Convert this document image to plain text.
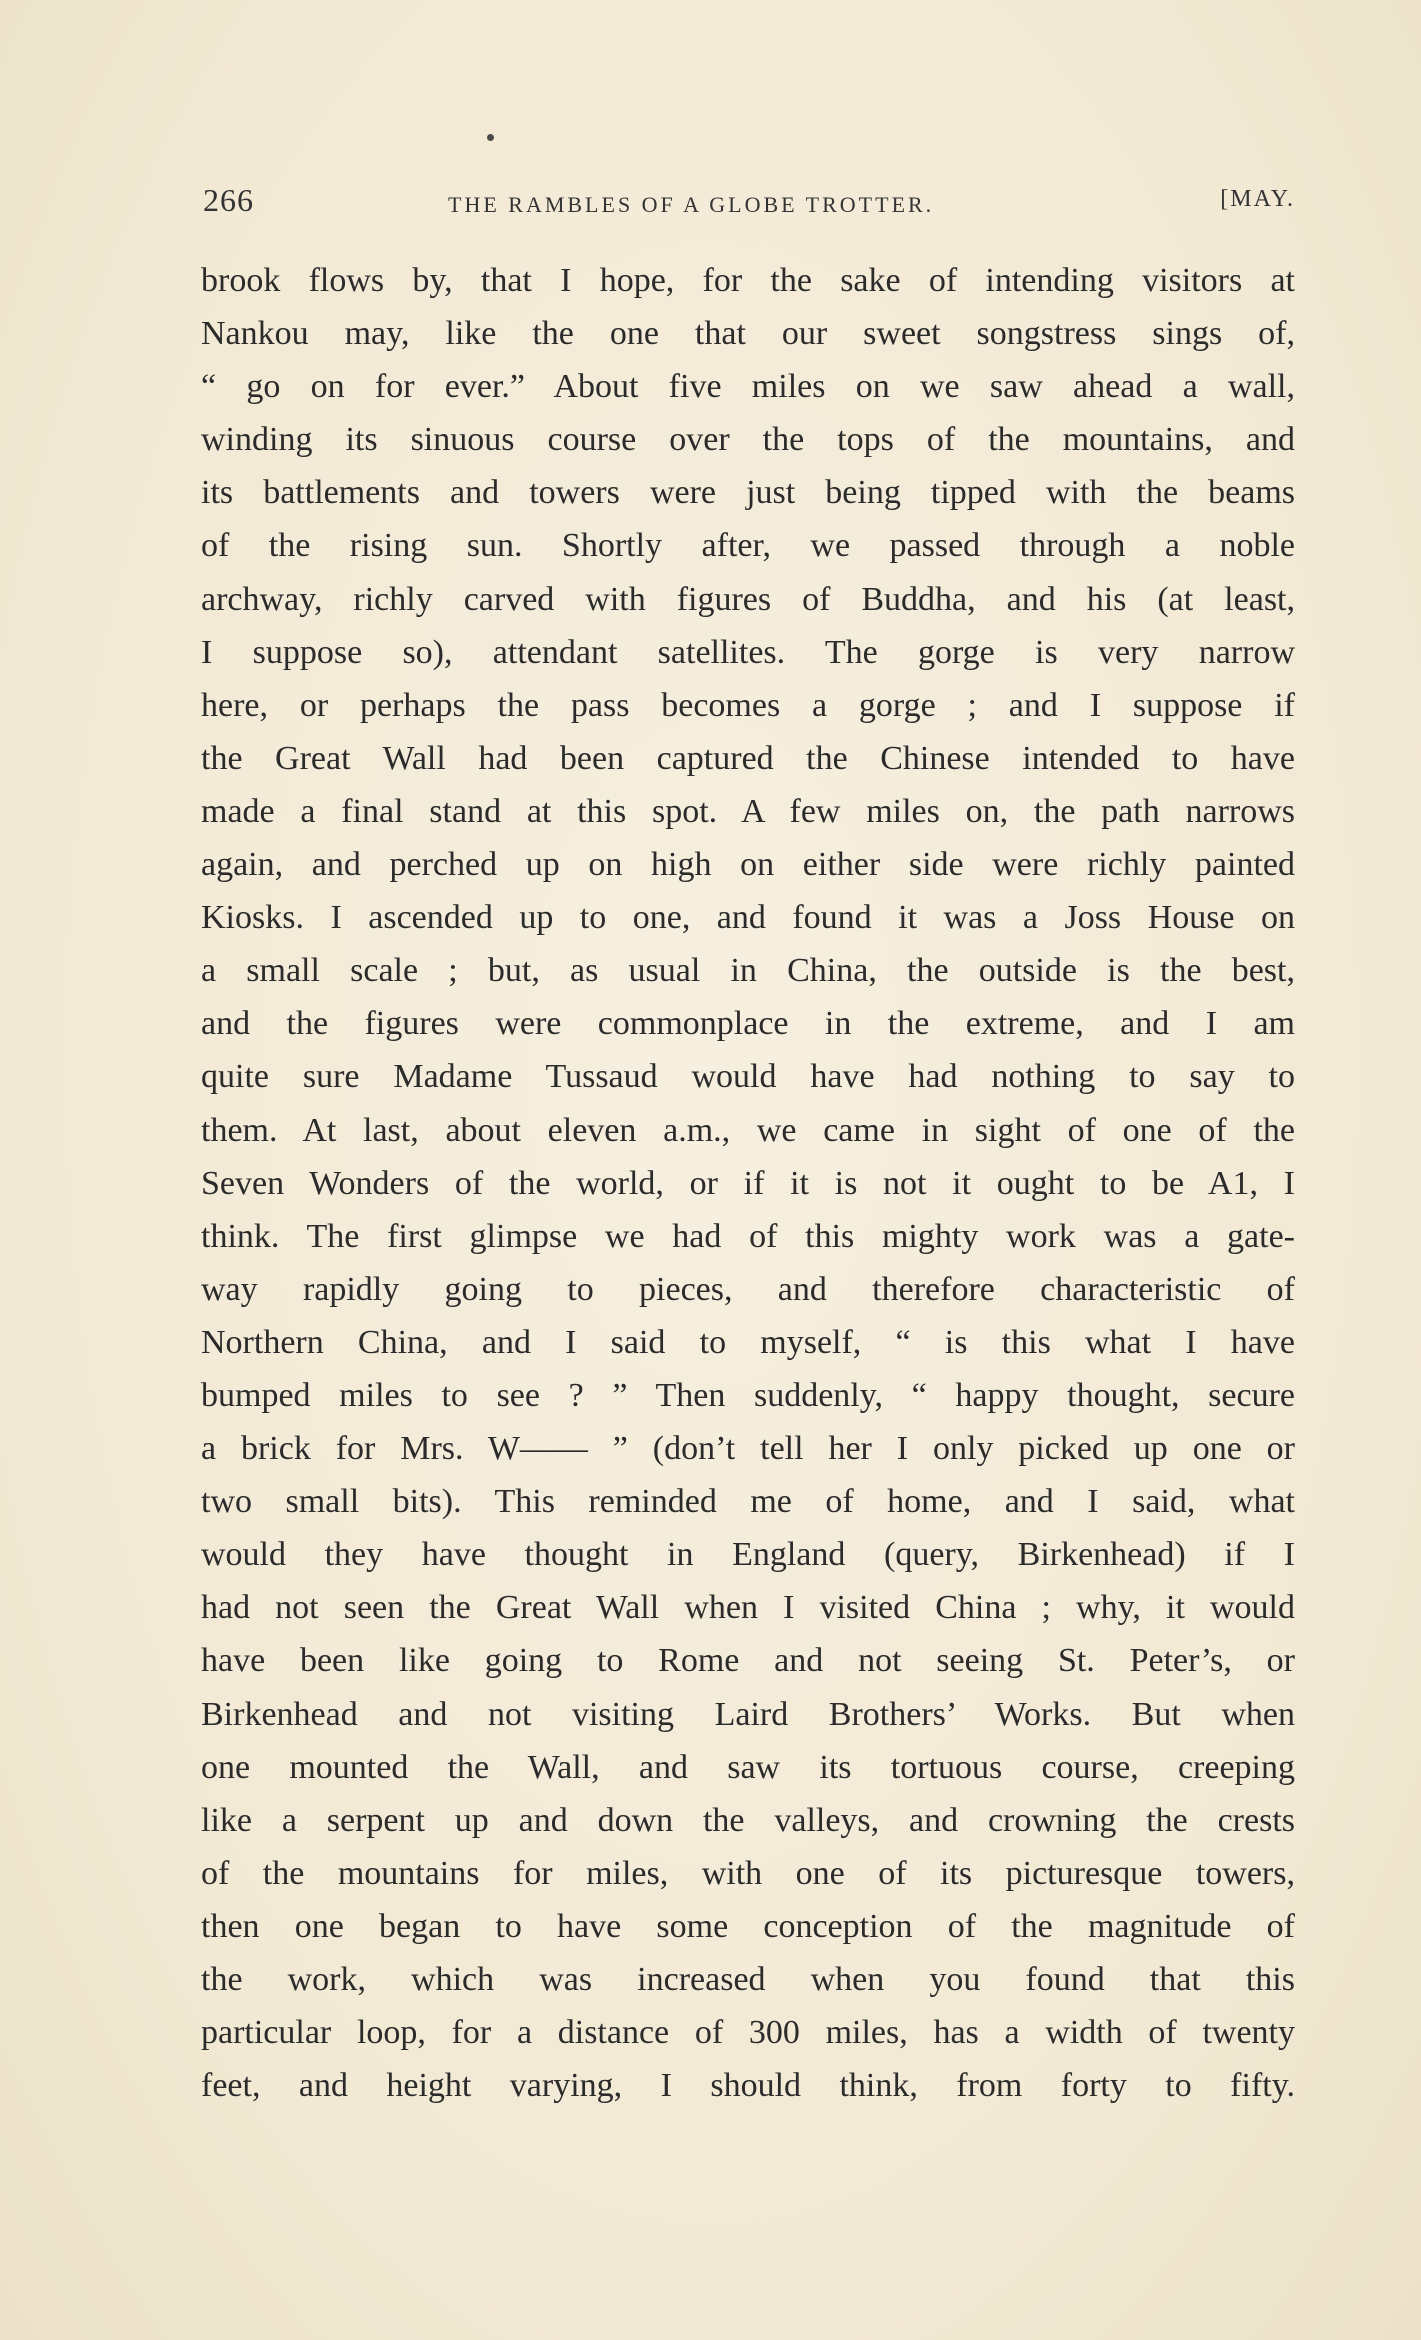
266	THE RAMBLES OF A GLOBE TROTTER.	[MAY.
brook flows by, that I hope, for the sake of intending visitors at
Nankou may, like the one that our sweet songstress sings of,
“ go on for ever.” About five miles on we saw ahead a wall,
winding its sinuous course over the tops of the mountains, and
its battlements and towers were just being tipped with the beams
of the rising sun. Shortly after, we passed through a noble
archway, richly carved with figures of Buddha, and his (at least,
I suppose so), attendant satellites. The gorge is very narrow
here, or perhaps the pass becomes a gorge ; and I suppose if
the Great Wall had been captured the Chinese intended to have
made a final stand at this spot. A few miles on, the path narrows
again, and perched up on high on either side were richly painted
Kiosks. I ascended up to one, and found it was a Joss House on
a small scale ; but, as usual in China, the outside is the best,
and the figures were commonplace in the extreme, and I am
quite sure Madame Tussaud would have had nothing to say to
them. At last, about eleven a.m., we came in sight of one of the
Seven Wonders of the world, or if it is not it ought to be A1, I
think. The first glimpse we had of this mighty work was a gate-
way rapidly going to pieces, and therefore characteristic of
Northern China, and I said to myself, “ is this what I have
bumped miles to see ? ” Then suddenly, “ happy thought, secure
a brick for Mrs. W—— ” (don’t tell her I only picked up one or
two small bits). This reminded me of home, and I said, what
would they have thought in England (query, Birkenhead) if I
had not seen the Great Wall when I visited China ; why, it would
have been like going to Rome and not seeing St. Peter’s, or
Birkenhead and not visiting Laird Brothers’ Works. But when
one mounted the Wall, and saw its tortuous course, creeping
like a serpent up and down the valleys, and crowning the crests
of the mountains for miles, with one of its picturesque towers,
then one began to have some conception of the magnitude of
the work, which was increased when you found that this
particular loop, for a distance of 300 miles, has a width of twenty
feet, and height varying, I should think, from forty to fifty.
